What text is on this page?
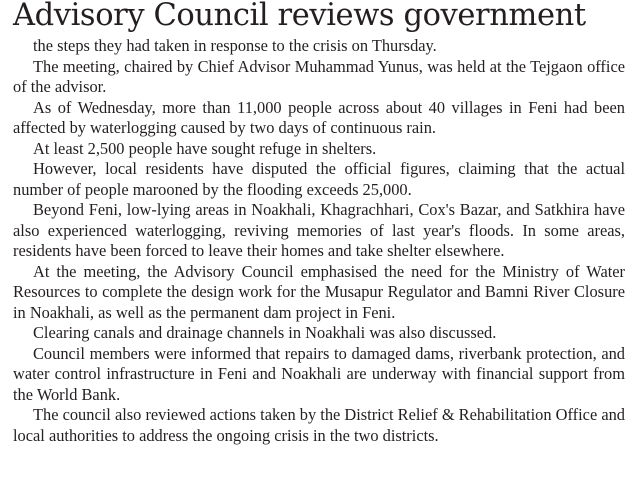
Advisory Council reviews government

the steps they had taken in response to the crisis on Thursday.

The meeting, chaired by Chief Advisor Muhammad Yunus, was held at the Tejgaon office of the advisor.

As of Wednesday, more than 11,000 people across about 40 villages in Feni had been affected by waterlogging caused by two days of continuous rain.

At least 2,500 people have sought refuge in shelters.

However, local residents have disputed the official figures, claiming that the actual number of people marooned by the flooding exceeds 25,000.

Beyond Feni, low-lying areas in Noakhali, Khagrachhari, Cox's Bazar, and Satkhira have also experienced waterlogging, reviving memories of last year's floods. In some areas, residents have been forced to leave their homes and take shelter elsewhere.

At the meeting, the Advisory Council emphasised the need for the Ministry of Water Resources to complete the design work for the Musapur Regulator and Bamni River Closure in Noakhali, as well as the permanent dam project in Feni.

Clearing canals and drainage channels in Noakhali was also discussed.

Council members were informed that repairs to damaged dams, riverbank protection, and water control infrastructure in Feni and Noakhali are underway with financial support from the World Bank.

The council also reviewed actions taken by the District Relief & Rehabilitation Office and local authorities to address the ongoing crisis in the two districts.
